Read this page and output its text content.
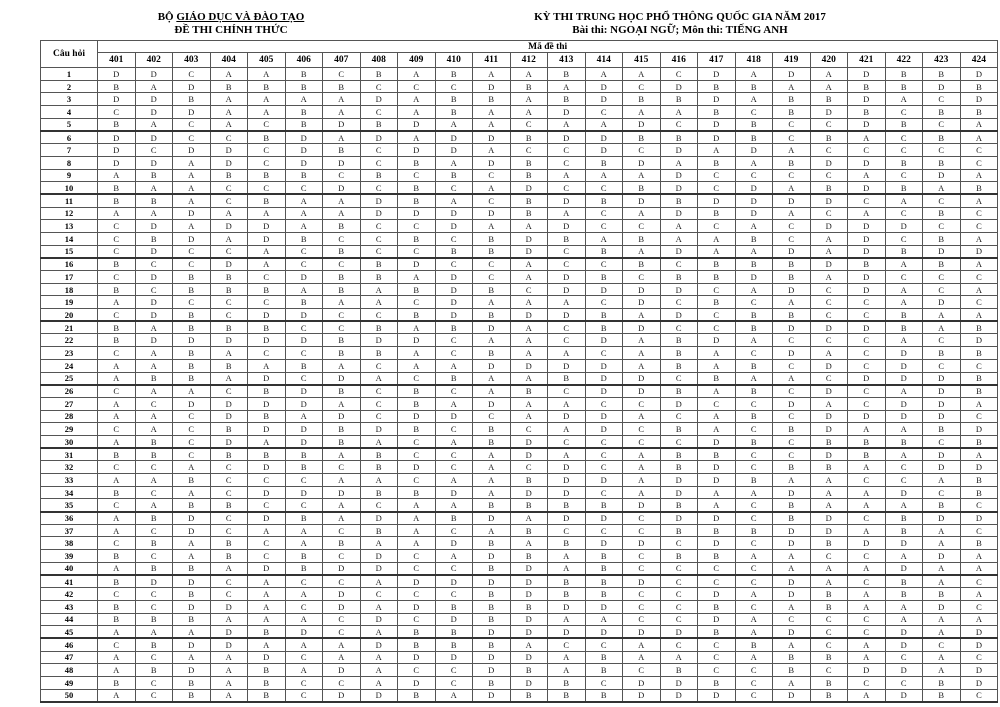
BỘ GIÁO DỤC VÀ ĐÀO TẠO
ĐỀ THI CHÍNH THỨC
KỲ THI TRUNG HỌC PHỔ THÔNG QUỐC GIA NĂM 2017
Bài thi: NGOẠI NGỮ; Môn thi: TIẾNG ANH
Câu hỏi	Mã đề thi																							
	401	402	403	404	405	406	407	408	409	410	411	412	413	414	415	416	417	418	419	420	421	422	423	424
1	D	D	C	A	A	B	C	B	A	B	A	A	B	A	A	C	D	A	D	A	D	B	B	D
2	B	A	D	B	B	B	B	C	C	C	D	B	A	D	C	D	B	B	A	A	B	B	D	B
3	D	D	B	A	A	A	A	D	A	B	B	A	B	D	B	B	D	A	B	B	D	A	C	D
4	C	D	D	A	A	B	A	C	A	B	A	A	D	C	A	A	B	C	B	D	B	C	B	B
5	B	A	C	A	C	B	D	B	D	A	A	C	A	A	D	C	D	B	C	C	D	B	C	A
6	D	D	C	C	B	D	A	D	A	D	D	B	D	D	B	B	D	B	C	B	A	C	B	A
7	D	C	D	D	C	D	B	C	D	D	A	C	C	D	C	D	A	D	A	C	C	C	C	C
8	D	D	A	D	C	D	D	C	B	A	D	B	C	B	D	A	B	A	B	D	D	B	B	C
9	A	B	A	B	B	B	C	B	C	B	C	B	A	A	A	D	C	C	C	C	A	C	D	A
10	B	A	A	C	C	C	D	C	B	C	A	D	C	C	B	D	C	D	A	B	D	B	A	B
11	B	B	A	C	B	A	A	D	B	A	C	B	D	B	D	B	D	D	D	D	C	A	C	A
12	A	A	D	A	A	A	A	D	D	D	D	B	A	C	A	D	B	D	A	C	A	C	B	C
13	C	D	A	D	D	A	B	C	C	D	A	A	D	C	C	A	C	A	C	D	D	D	C	C
14	C	B	D	A	D	B	C	C	B	C	B	D	B	A	B	A	A	B	C	A	D	C	B	A
15	C	D	C	C	A	C	B	C	C	B	B	D	C	B	A	D	A	A	D	A	D	B	D	D
16	B	C	C	D	A	C	C	B	D	C	C	A	C	C	B	C	B	B	B	D	B	A	B	A
17	C	D	B	B	C	D	B	B	A	D	C	A	D	B	C	B	B	D	B	A	D	C	C	C
18	B	C	B	B	B	A	B	A	B	D	B	C	D	D	D	D	C	A	D	C	D	A	C	A
19	A	D	C	C	C	B	A	A	C	D	A	A	A	C	D	C	B	C	A	C	C	A	D	C
20	C	D	B	C	D	D	C	C	B	D	B	D	D	B	A	D	C	B	B	C	C	B	A	A
21	B	A	B	B	B	C	C	B	A	B	D	A	C	B	D	C	C	B	D	D	D	B	A	B
22	B	D	D	D	D	D	B	D	D	C	A	A	C	D	A	B	D	A	C	C	C	A	C	D
23	C	A	B	A	C	C	B	B	A	C	B	A	A	C	A	B	A	C	D	A	C	D	B	B
24	A	A	B	B	A	B	A	C	A	A	D	D	D	D	A	B	A	B	C	D	C	D	C	C
25	A	B	B	A	D	C	D	A	C	B	A	A	B	D	D	C	B	A	A	C	D	D	D	B
26	C	A	A	C	B	D	B	C	B	C	A	B	C	D	D	B	A	B	C	D	C	A	D	B
27	A	C	D	D	D	D	A	C	B	A	D	A	A	C	C	D	C	C	D	A	C	D	D	A
28	A	A	C	D	B	A	D	C	D	D	C	A	D	D	A	C	A	B	C	D	D	D	D	C
29	C	A	C	B	D	D	B	D	B	C	B	C	A	D	C	B	A	C	B	D	A	A	B	D
30	A	B	C	D	A	D	B	A	C	A	B	D	C	C	C	C	D	B	C	B	B	B	C	B
31	B	B	C	B	B	B	A	B	C	C	A	D	A	C	A	B	B	C	C	D	B	A	D	A
32	C	C	A	C	D	B	C	B	D	C	A	C	D	C	A	B	D	C	B	B	A	C	D	D
33	A	A	B	C	C	C	A	A	C	A	A	B	D	D	A	D	D	B	A	A	C	C	A	B
34	B	C	A	C	D	D	D	B	B	D	A	D	D	C	A	D	A	A	D	A	A	D	C	B
35	C	A	B	B	C	C	A	C	A	A	B	B	B	B	D	B	A	C	B	A	A	A	B	C
36	A	B	D	C	D	B	A	D	A	B	D	A	D	D	C	D	D	C	B	D	C	B	D	D
37	A	C	D	C	A	A	C	B	A	C	A	B	C	C	C	B	B	B	D	D	A	B	A	C
38	C	B	A	B	C	A	B	A	A	D	B	A	B	D	D	C	D	C	D	B	D	D	A	B
39	B	C	A	B	C	B	C	D	C	A	D	B	A	B	C	B	B	A	A	C	C	A	D	A
40	A	B	B	A	D	B	D	D	C	C	B	D	A	B	C	C	C	C	A	A	A	D	A	A
41	B	D	D	C	A	C	C	A	D	D	D	D	B	B	D	C	C	C	D	A	C	B	A	C
42	C	C	B	C	A	A	D	C	C	C	B	D	B	B	C	C	D	A	D	B	A	B	B	A
43	B	C	D	D	A	C	D	A	D	B	B	B	D	D	C	C	B	C	A	B	A	A	D	C
44	B	B	B	A	A	A	C	D	C	D	B	D	A	A	C	C	D	A	C	C	C	A	A	A
45	A	A	A	D	B	D	C	A	B	B	D	D	D	D	D	D	B	A	D	C	C	D	A	D
46	C	B	D	D	A	A	A	D	B	B	B	A	C	C	A	C	C	B	A	C	A	D	C	D
47	A	C	A	A	D	C	A	A	D	D	D	D	A	B	A	A	C	A	B	B	A	C	A	C
48	A	B	D	A	B	A	D	A	C	C	D	B	A	B	C	B	C	C	B	C	D	D	A	D
49	B	C	B	A	B	C	C	A	D	C	B	D	B	C	D	D	B	C	A	B	C	C	B	D
50	A	C	B	A	B	C	D	D	B	A	D	B	B	B	D	D	D	C	D	B	A	D	B	C
